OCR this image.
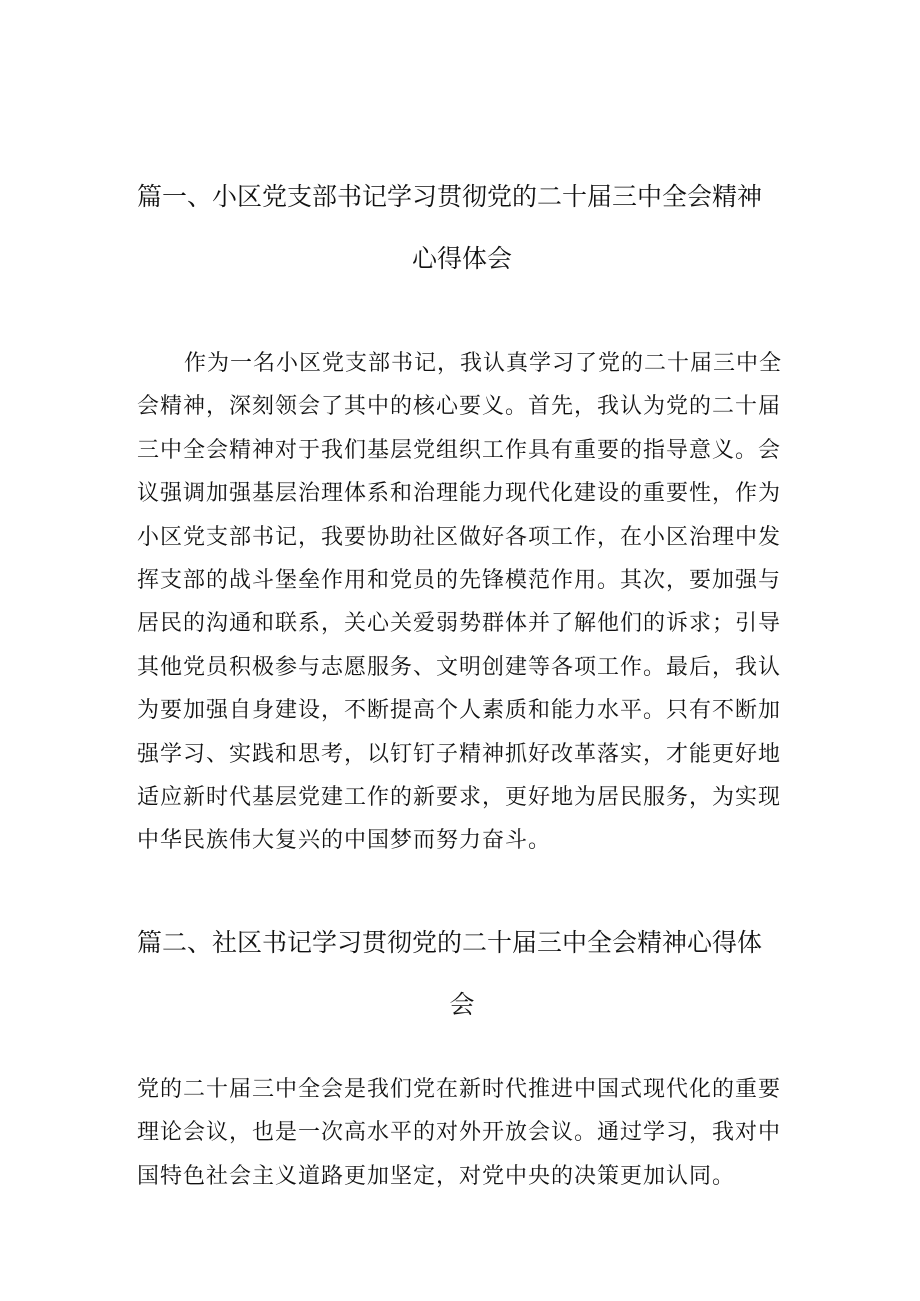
篇一、小区党支部书记学习贯彻党的二十届三中全会精神
心得体会

作为一名小区党支部书记，我认真学习了党的二十届三中全会精神，深刻领会了其中的核心要义。首先，我认为党的二十届三中全会精神对于我们基层党组织工作具有重要的指导意义。会议强调加强基层治理体系和治理能力现代化建设的重要性，作为小区党支部书记，我要协助社区做好各项工作，在小区治理中发挥支部的战斗堡垒作用和党员的先锋模范作用。其次，要加强与居民的沟通和联系，关心关爱弱势群体并了解他们的诉求；引导其他党员积极参与志愿服务、文明创建等各项工作。最后，我认为要加强自身建设，不断提高个人素质和能力水平。只有不断加强学习、实践和思考，以钉钉子精神抓好改革落实，才能更好地适应新时代基层党建工作的新要求，更好地为居民服务，为实现中华民族伟大复兴的中国梦而努力奋斗。

篇二、社区书记学习贯彻党的二十届三中全会精神心得体
会

党的二十届三中全会是我们党在新时代推进中国式现代化的重要理论会议，也是一次高水平的对外开放会议。通过学习，我对中国特色社会主义道路更加坚定，对党中央的决策更加认同。
